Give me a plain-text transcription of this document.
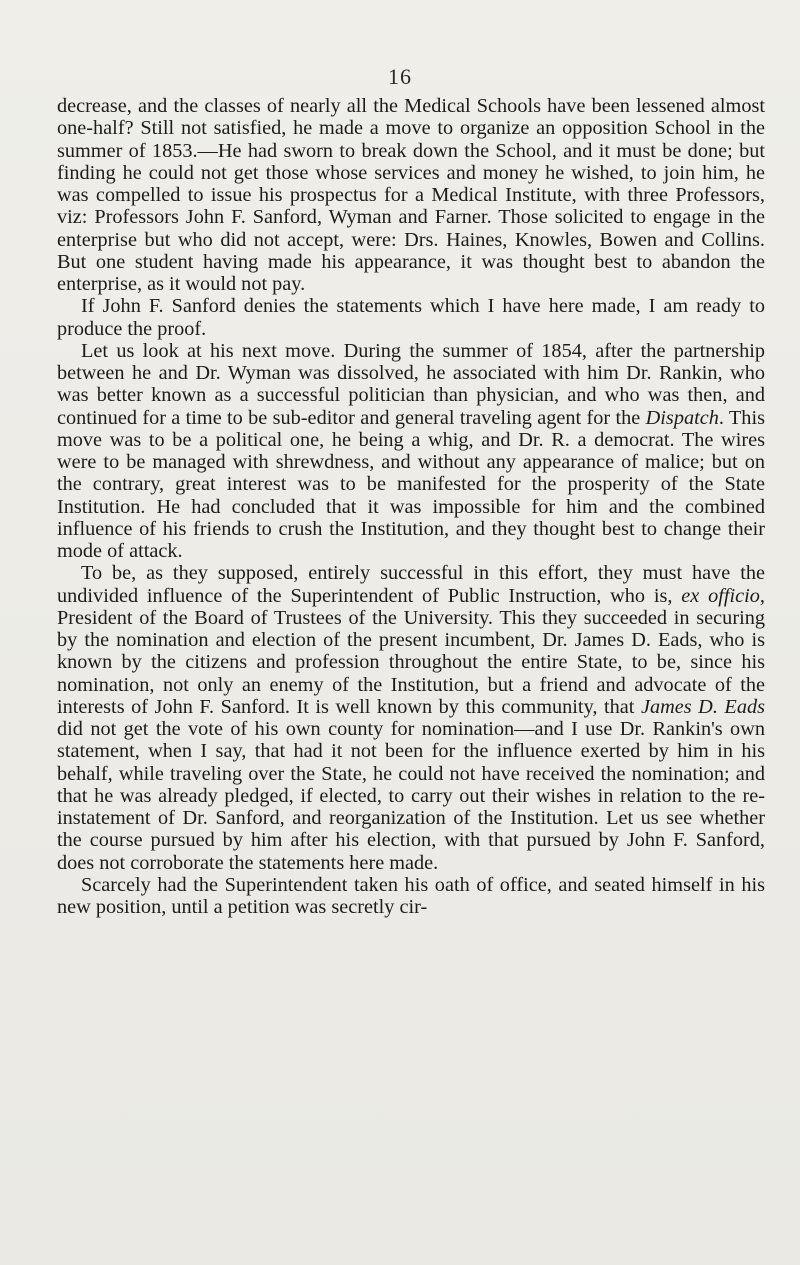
16

decrease, and the classes of nearly all the Medical Schools have been lessened almost one-half? Still not satisfied, he made a move to organize an opposition School in the summer of 1853.—He had sworn to break down the School, and it must be done; but finding he could not get those whose services and money he wished, to join him, he was compelled to issue his prospectus for a Medical Institute, with three Professors, viz: Professors John F. Sanford, Wyman and Farner. Those solicited to engage in the enterprise but who did not accept, were: Drs. Haines, Knowles, Bowen and Collins. But one student having made his appearance, it was thought best to abandon the enterprise, as it would not pay.

If John F. Sanford denies the statements which I have here made, I am ready to produce the proof.

Let us look at his next move. During the summer of 1854, after the partnership between he and Dr. Wyman was dissolved, he associated with him Dr. Rankin, who was better known as a successful politician than physician, and who was then, and continued for a time to be sub-editor and general traveling agent for the Dispatch. This move was to be a political one, he being a whig, and Dr. R. a democrat. The wires were to be managed with shrewdness, and without any appearance of malice; but on the contrary, great interest was to be manifested for the prosperity of the State Institution. He had concluded that it was impossible for him and the combined influence of his friends to crush the Institution, and they thought best to change their mode of attack.

To be, as they supposed, entirely successful in this effort, they must have the undivided influence of the Superintendent of Public Instruction, who is, ex officio, President of the Board of Trustees of the University. This they succeeded in securing by the nomination and election of the present incumbent, Dr. James D. Eads, who is known by the citizens and profession throughout the entire State, to be, since his nomination, not only an enemy of the Institution, but a friend and advocate of the interests of John F. Sanford. It is well known by this community, that James D. Eads did not get the vote of his own county for nomination—and I use Dr. Rankin's own statement, when I say, that had it not been for the influence exerted by him in his behalf, while traveling over the State, he could not have received the nomination; and that he was already pledged, if elected, to carry out their wishes in relation to the re-instatement of Dr. Sanford, and reorganization of the Institution. Let us see whether the course pursued by him after his election, with that pursued by John F. Sanford, does not corroborate the statements here made.

Scarcely had the Superintendent taken his oath of office, and seated himself in his new position, until a petition was secretly cir-
